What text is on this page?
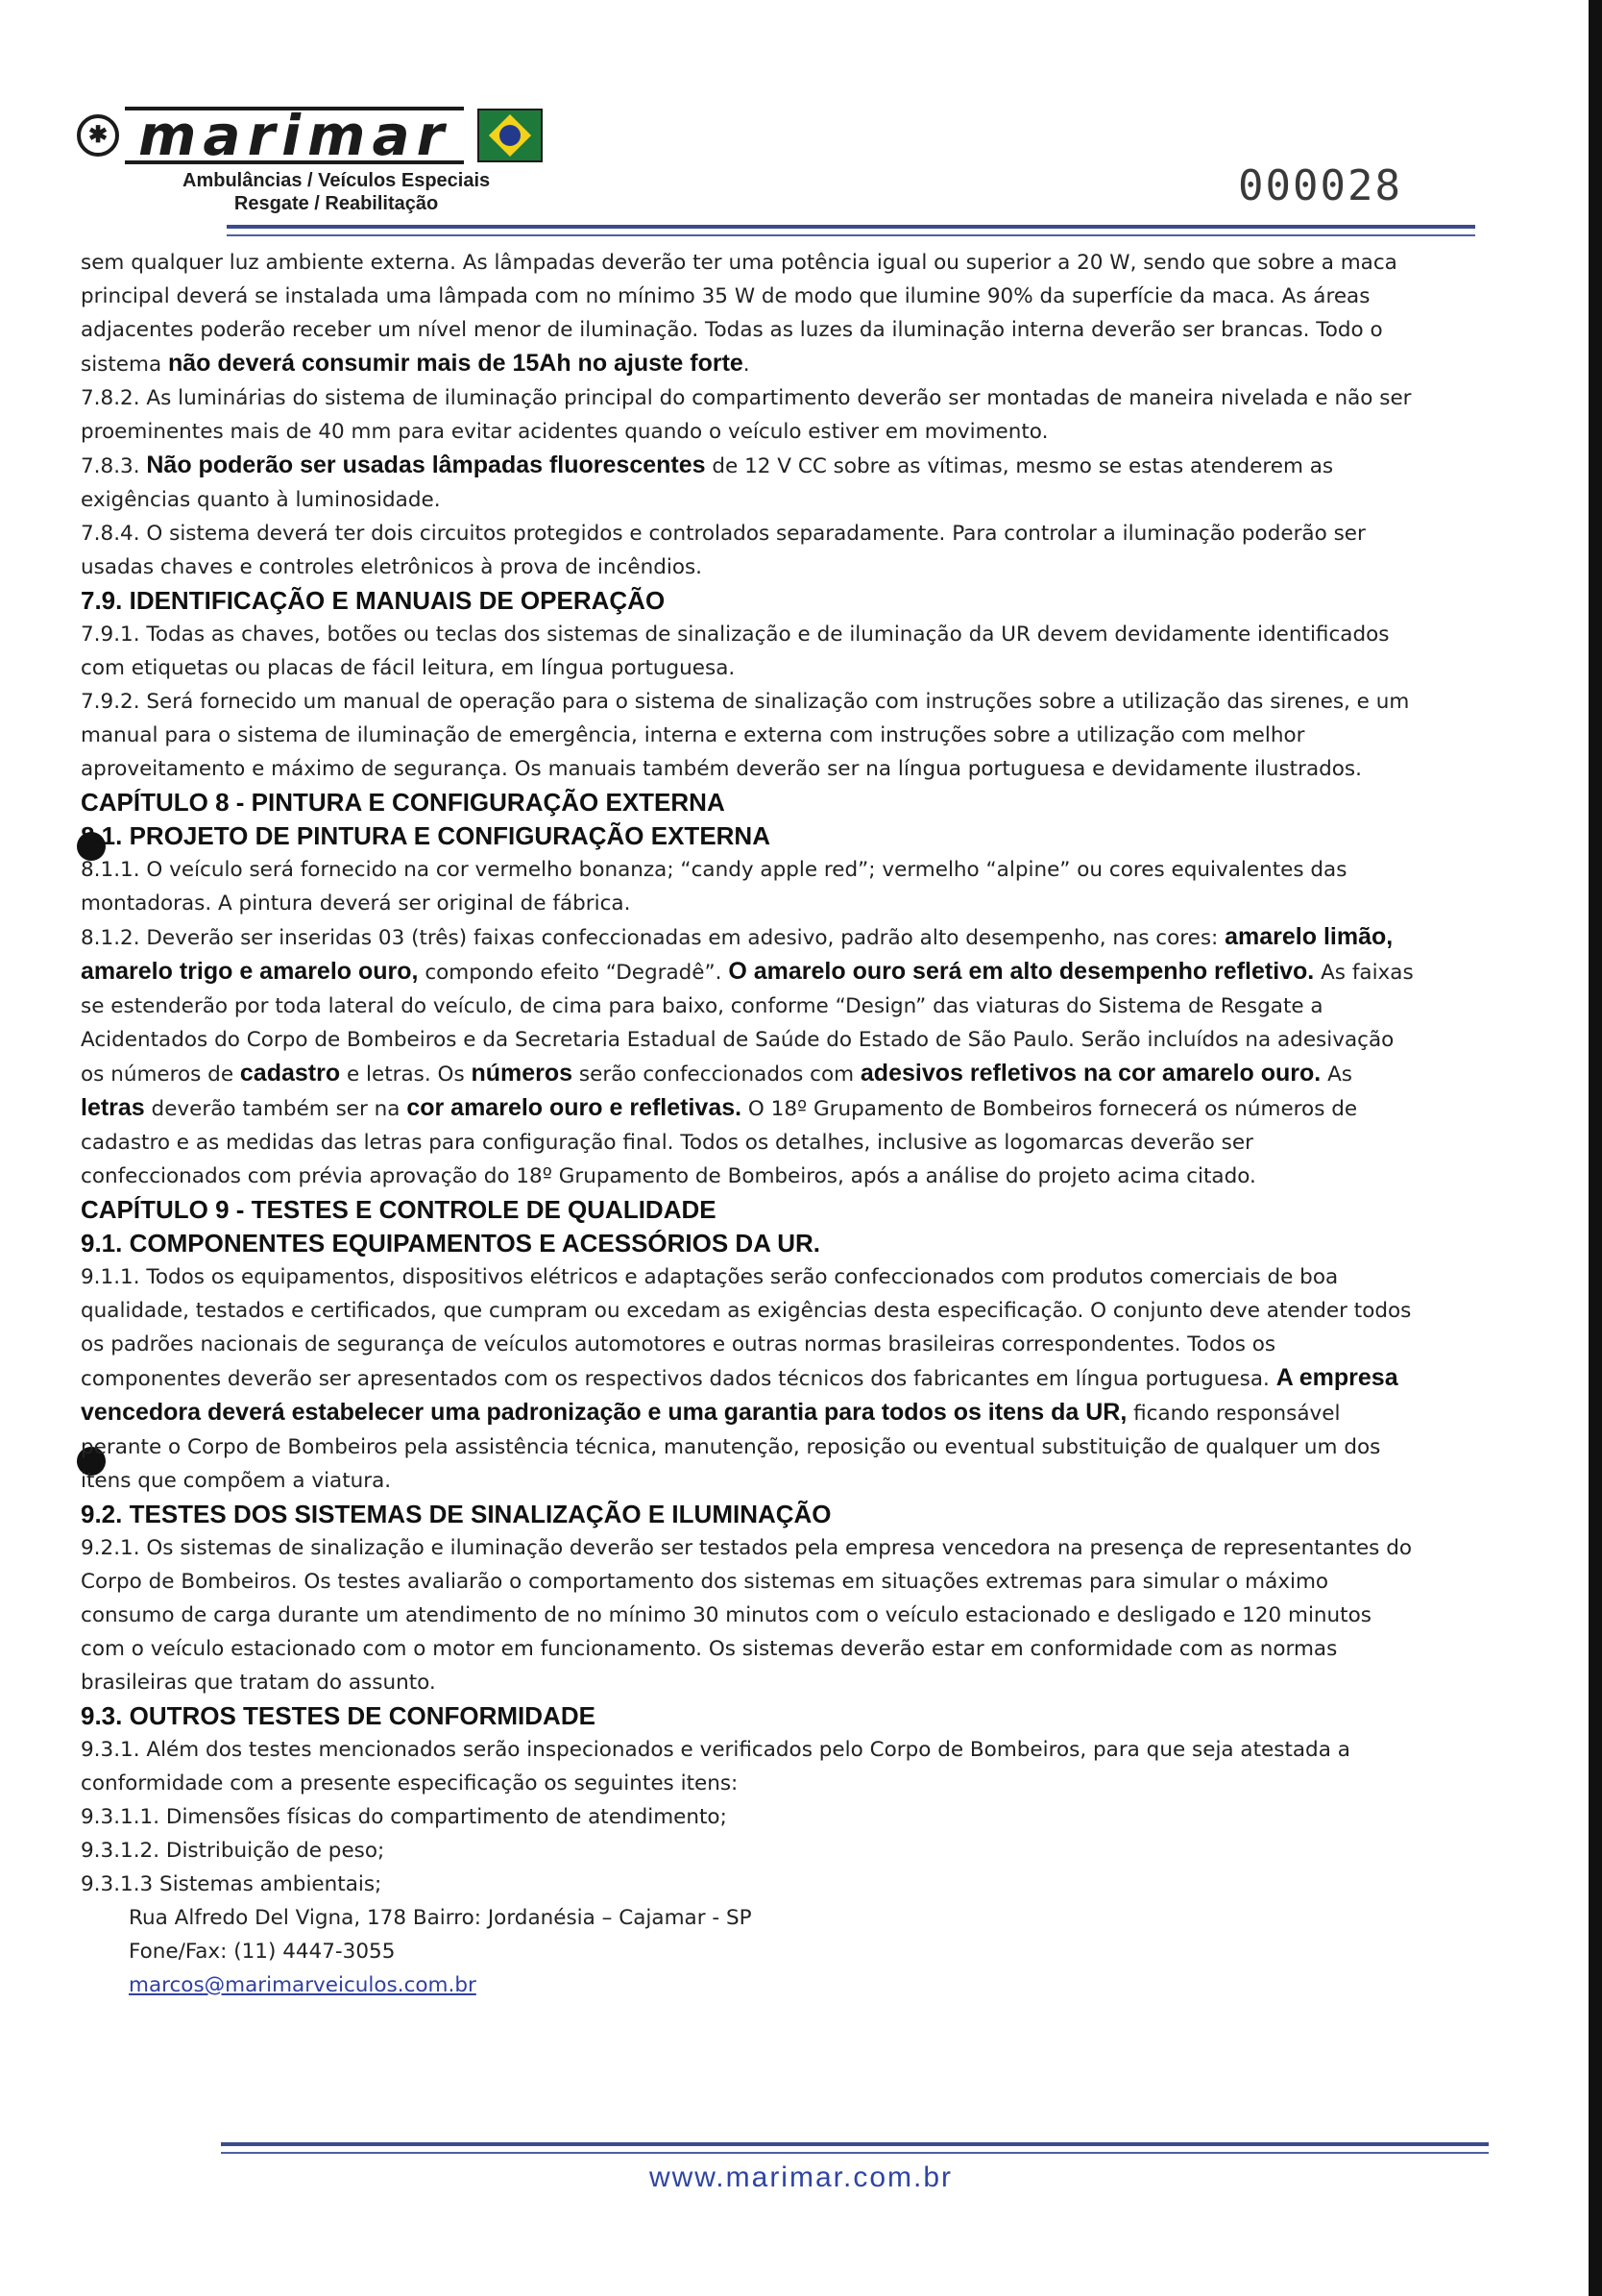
✱ marimar
Ambulâncias / Veículos Especiais
Resgate / Reabilitação	000028

sem qualquer luz ambiente externa. As lâmpadas deverão ter uma potência igual ou superior a 20 W, sendo que sobre a maca principal deverá se instalada uma lâmpada com no mínimo 35 W de modo que ilumine 90% da superfície da maca. As áreas adjacentes poderão receber um nível menor de iluminação. Todas as luzes da iluminação interna deverão ser brancas. Todo o sistema não deverá consumir mais de 15Ah no ajuste forte.

7.8.2. As luminárias do sistema de iluminação principal do compartimento deverão ser montadas de maneira nivelada e não ser proeminentes mais de 40 mm para evitar acidentes quando o veículo estiver em movimento.

7.8.3. Não poderão ser usadas lâmpadas fluorescentes de 12 V CC sobre as vítimas, mesmo se estas atenderem as exigências quanto à luminosidade.

7.8.4. O sistema deverá ter dois circuitos protegidos e controlados separadamente. Para controlar a iluminação poderão ser usadas chaves e controles eletrônicos à prova de incêndios.

7.9. IDENTIFICAÇÃO E MANUAIS DE OPERAÇÃO

7.9.1. Todas as chaves, botões ou teclas dos sistemas de sinalização e de iluminação da UR devem devidamente identificados com etiquetas ou placas de fácil leitura, em língua portuguesa.

7.9.2. Será fornecido um manual de operação para o sistema de sinalização com instruções sobre a utilização das sirenes, e um manual para o sistema de iluminação de emergência, interna e externa com instruções sobre a utilização com melhor aproveitamento e máximo de segurança. Os manuais também deverão ser na língua portuguesa e devidamente ilustrados.

CAPÍTULO 8 - PINTURA E CONFIGURAÇÃO EXTERNA

8.1. PROJETO DE PINTURA E CONFIGURAÇÃO EXTERNA

8.1.1. O veículo será fornecido na cor vermelho bonanza; “candy apple red”; vermelho “alpine” ou cores equivalentes das montadoras. A pintura deverá ser original de fábrica.

8.1.2. Deverão ser inseridas 03 (três) faixas confeccionadas em adesivo, padrão alto desempenho, nas cores: amarelo limão, amarelo trigo e amarelo ouro, compondo efeito “Degradê”. O amarelo ouro será em alto desempenho refletivo. As faixas se estenderão por toda lateral do veículo, de cima para baixo, conforme “Design” das viaturas do Sistema de Resgate a Acidentados do Corpo de Bombeiros e da Secretaria Estadual de Saúde do Estado de São Paulo. Serão incluídos na adesivação os números de cadastro e letras. Os números serão confeccionados com adesivos refletivos na cor amarelo ouro. As letras deverão também ser na cor amarelo ouro e refletivas. O 18º Grupamento de Bombeiros fornecerá os números de cadastro e as medidas das letras para configuração final. Todos os detalhes, inclusive as logomarcas deverão ser confeccionados com prévia aprovação do 18º Grupamento de Bombeiros, após a análise do projeto acima citado.

CAPÍTULO 9 - TESTES E CONTROLE DE QUALIDADE

9.1. COMPONENTES EQUIPAMENTOS E ACESSÓRIOS DA UR.

9.1.1. Todos os equipamentos, dispositivos elétricos e adaptações serão confeccionados com produtos comerciais de boa qualidade, testados e certificados, que cumpram ou excedam as exigências desta especificação. O conjunto deve atender todos os padrões nacionais de segurança de veículos automotores e outras normas brasileiras correspondentes. Todos os componentes deverão ser apresentados com os respectivos dados técnicos dos fabricantes em língua portuguesa. A empresa vencedora deverá estabelecer uma padronização e uma garantia para todos os itens da UR, ficando responsável perante o Corpo de Bombeiros pela assistência técnica, manutenção, reposição ou eventual substituição de qualquer um dos itens que compõem a viatura.

9.2. TESTES DOS SISTEMAS DE SINALIZAÇÃO E ILUMINAÇÃO

9.2.1. Os sistemas de sinalização e iluminação deverão ser testados pela empresa vencedora na presença de representantes do Corpo de Bombeiros. Os testes avaliarão o comportamento dos sistemas em situações extremas para simular o máximo consumo de carga durante um atendimento de no mínimo 30 minutos com o veículo estacionado e desligado e 120 minutos com o veículo estacionado com o motor em funcionamento. Os sistemas deverão estar em conformidade com as normas brasileiras que tratam do assunto.

9.3. OUTROS TESTES DE CONFORMIDADE

9.3.1. Além dos testes mencionados serão inspecionados e verificados pelo Corpo de Bombeiros, para que seja atestada a conformidade com a presente especificação os seguintes itens:

9.3.1.1. Dimensões físicas do compartimento de atendimento;

9.3.1.2. Distribuição de peso;

9.3.1.3 Sistemas ambientais;

Rua Alfredo Del Vigna, 178 Bairro: Jordanésia – Cajamar - SP

Fone/Fax: (11) 4447-3055

marcos@marimarveiculos.com.br

www.marimar.com.br
